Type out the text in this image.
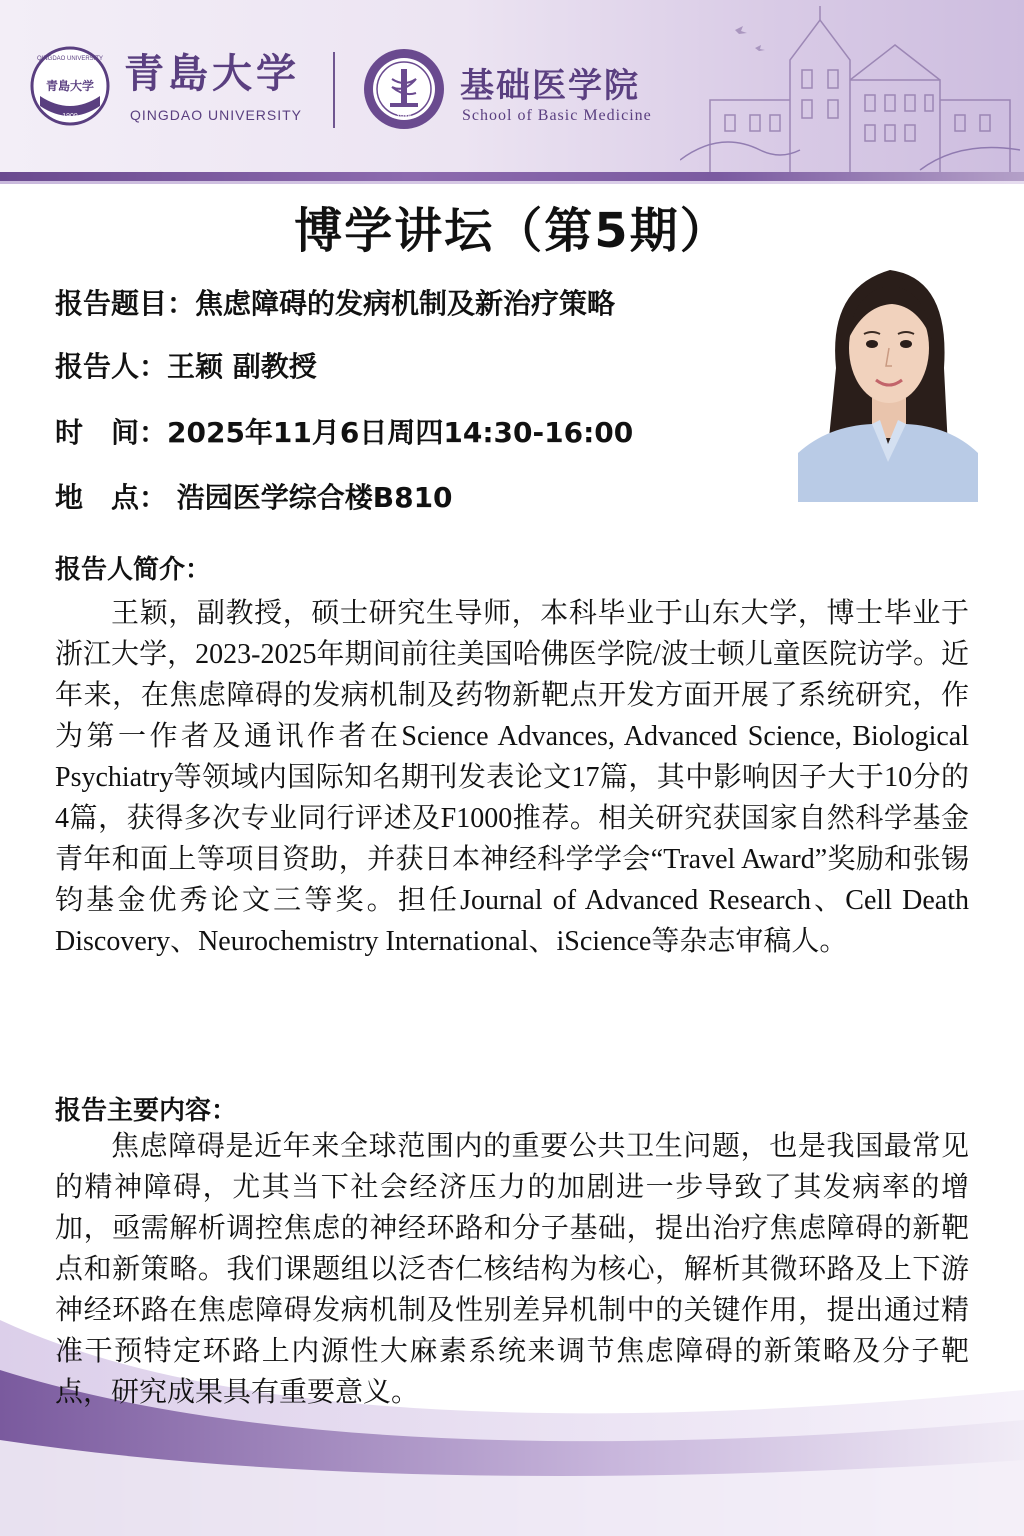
青島大学
1909
QINGDAO UNIVERSITY 青島大学
QINGDAO UNIVERSITY	1946
基础医学院
School of Basic Medicine
博学讲坛（第5期）
报告题目：焦虑障碍的发病机制及新治疗策略
报告人：王颖 副教授
时　间：2025年11月6日周四14:30-16:00
地　点： 浩园医学综合楼B810
报告人简介：
王颖，副教授，硕士研究生导师，本科毕业于山东大学，博士毕业于浙江大学，2023-2025年期间前往美国哈佛医学院/波士顿儿童医院访学。近年来，在焦虑障碍的发病机制及药物新靶点开发方面开展了系统研究，作为第一作者及通讯作者在Science Advances, Advanced Science, Biological Psychiatry等领域内国际知名期刊发表论文17篇，其中影响因子大于10分的4篇，获得多次专业同行评述及F1000推荐。相关研究获国家自然科学基金青年和面上等项目资助，并获日本神经科学学会“Travel Award”奖励和张锡钧基金优秀论文三等奖。担任Journal of Advanced Research、Cell Death Discovery、Neurochemistry International、iScience等杂志审稿人。
报告主要内容：
焦虑障碍是近年来全球范围内的重要公共卫生问题，也是我国最常见的精神障碍，尤其当下社会经济压力的加剧进一步导致了其发病率的增加，亟需解析调控焦虑的神经环路和分子基础，提出治疗焦虑障碍的新靶点和新策略。我们课题组以泛杏仁核结构为核心，解析其微环路及上下游神经环路在焦虑障碍发病机制及性别差异机制中的关键作用，提出通过精准干预特定环路上内源性大麻素系统来调节焦虑障碍的新策略及分子靶点，研究成果具有重要意义。
